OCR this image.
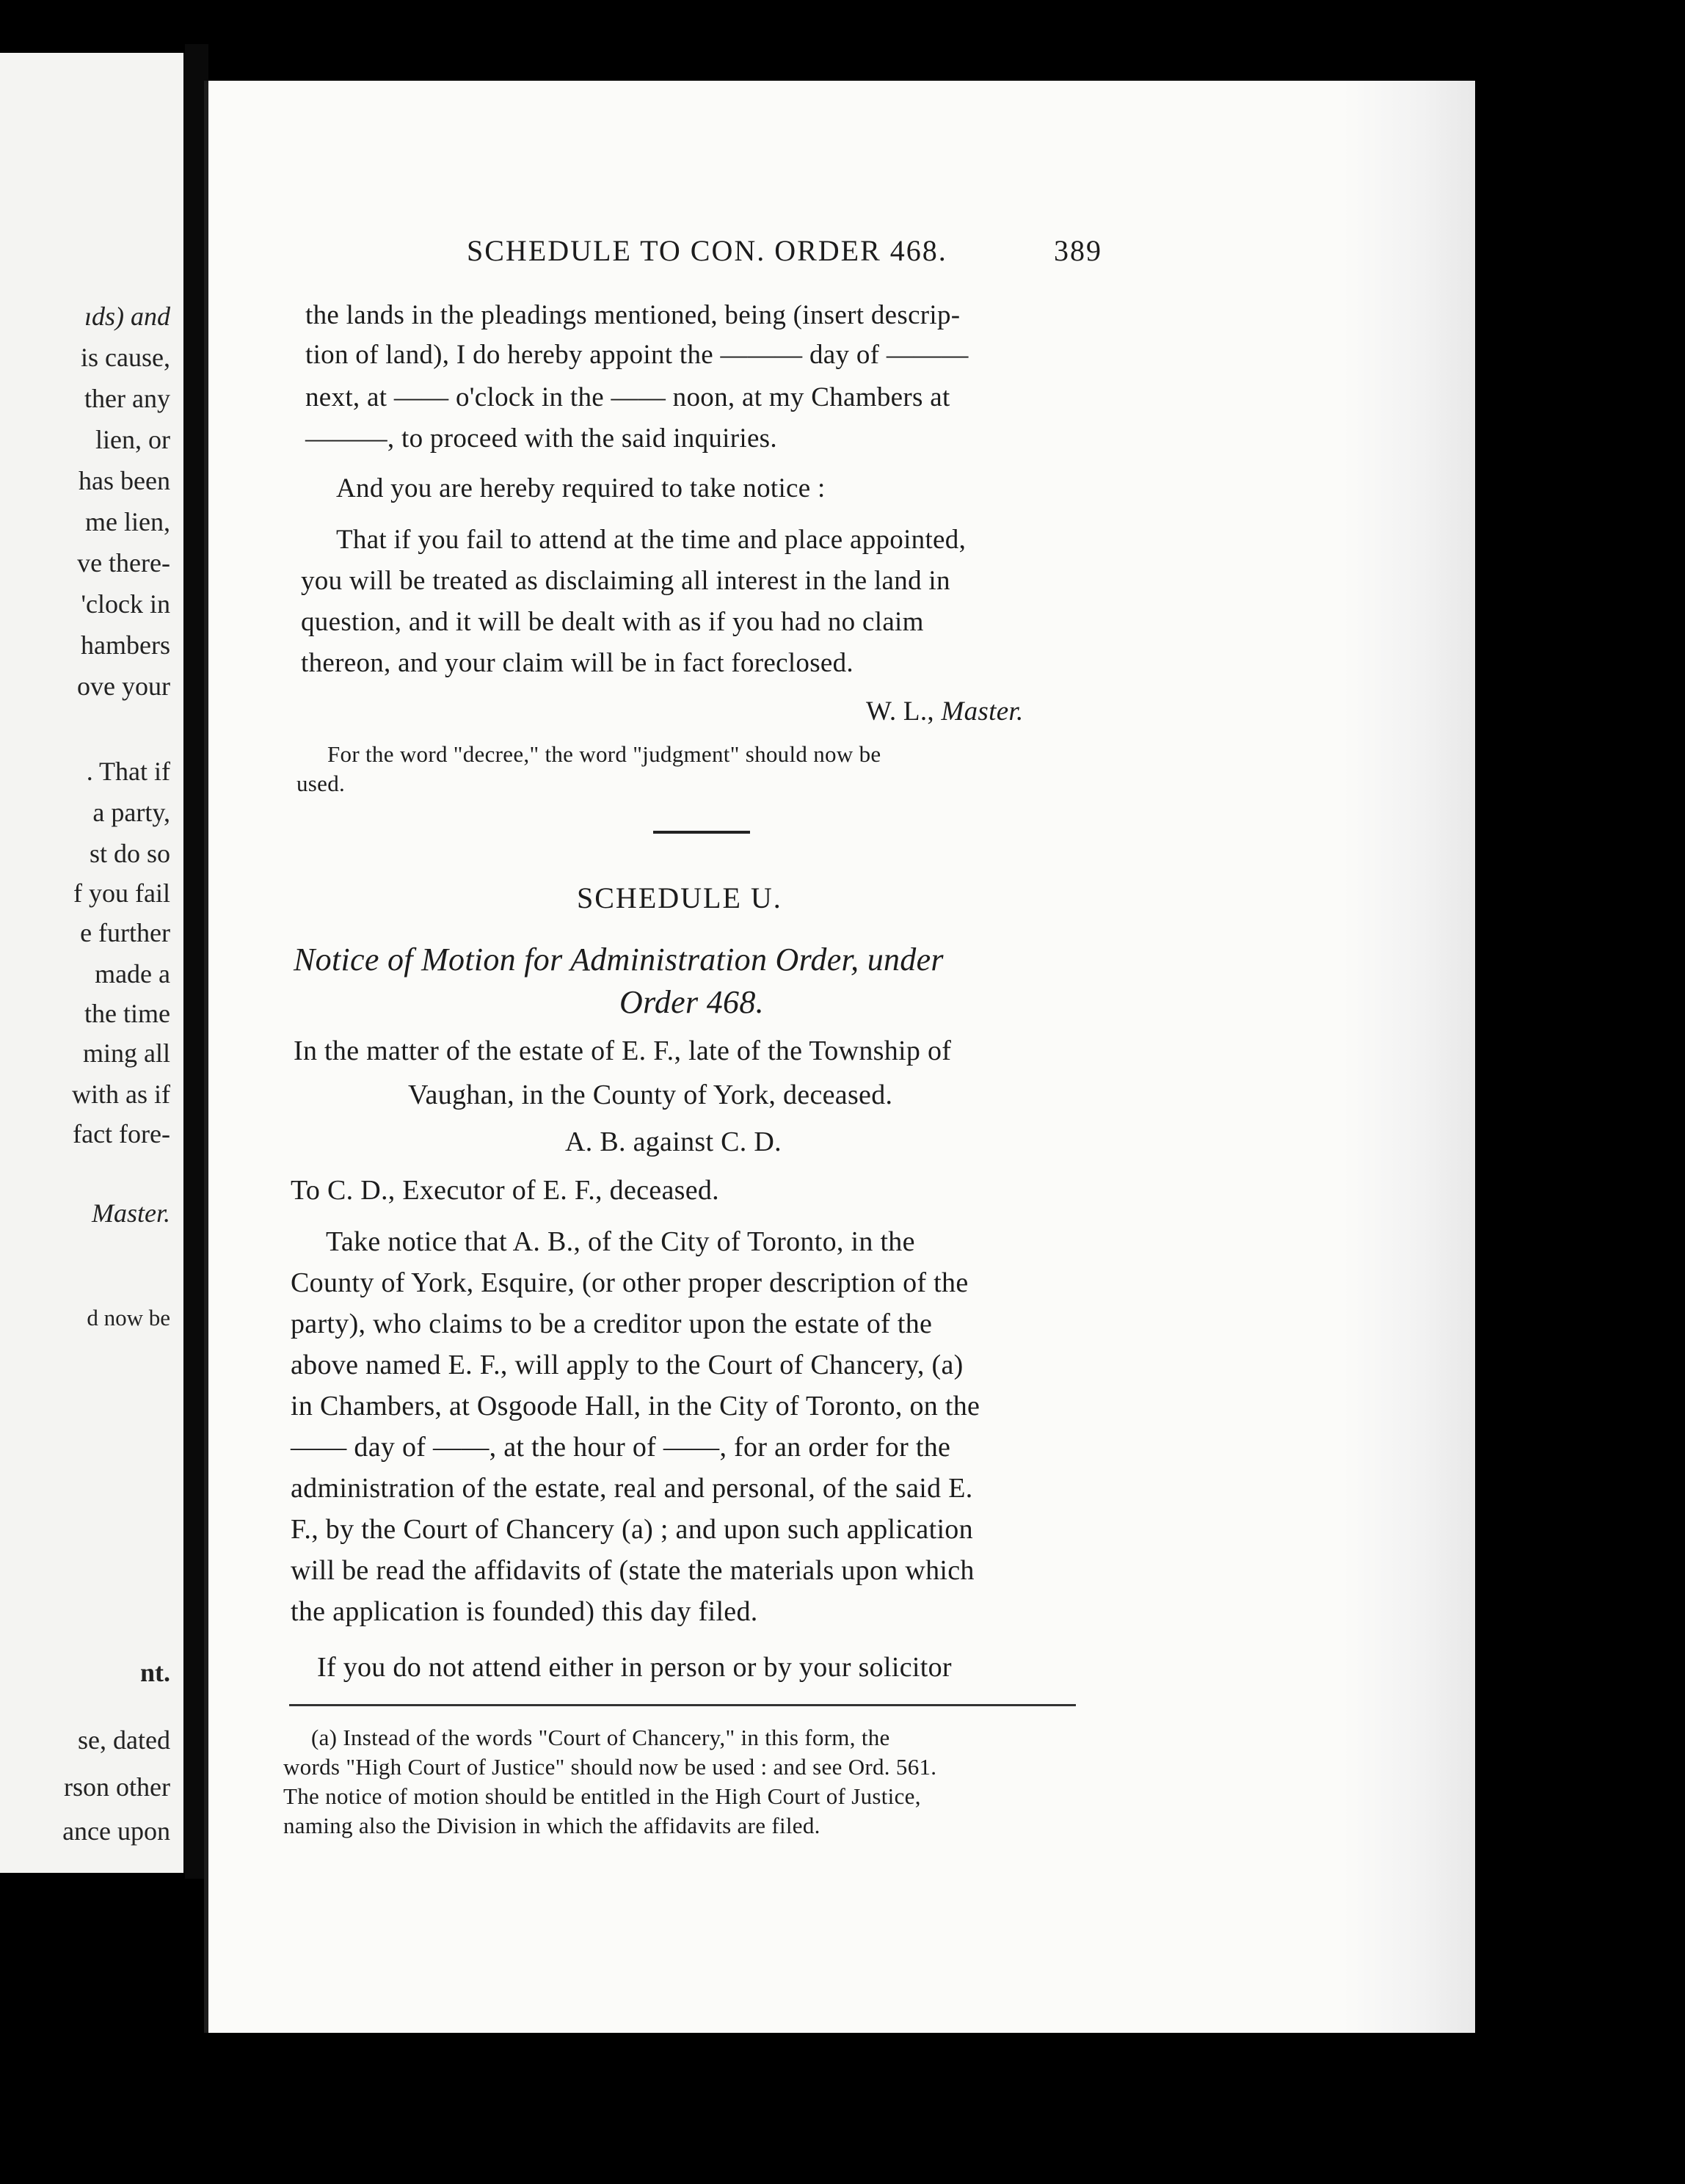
ıds) and
is cause,
ther any
lien, or
has been
me lien,
ve there-
'clock in
hambers
ove your
. That if
a party,
st do so
f you fail
e further
made a
the time
ming all
with as if
fact fore-
Master.
d now be
nt.
se, dated
rson other
ance upon
SCHEDULE TO CON. ORDER 468.	389
the lands in the pleadings mentioned, being (insert descrip-
tion of land), I do hereby appoint the ——— day of ———
next, at —— o'clock in the —— noon, at my Chambers at
———, to proceed with the said inquiries.
And you are hereby required to take notice :
That if you fail to attend at the time and place appointed,
you will be treated as disclaiming all interest in the land in
question, and it will be dealt with as if you had no claim
thereon, and your claim will be in fact foreclosed.
W. L., Master.
For the word "decree," the word "judgment" should now be
used.
SCHEDULE U.
Notice of Motion for Administration Order, under
Order 468.
In the matter of the estate of E. F., late of the Township of
Vaughan, in the County of York, deceased.
A. B. against C. D.
To C. D., Executor of E. F., deceased.
Take notice that A. B., of the City of Toronto, in the
County of York, Esquire, (or other proper description of the
party), who claims to be a creditor upon the estate of the
above named E. F., will apply to the Court of Chancery, (a)
in Chambers, at Osgoode Hall, in the City of Toronto, on the
—— day of ——, at the hour of ——, for an order for the
administration of the estate, real and personal, of the said E.
F., by the Court of Chancery (a) ; and upon such application
will be read the affidavits of (state the materials upon which
the application is founded) this day filed.
If you do not attend either in person or by your solicitor
(a) Instead of the words "Court of Chancery," in this form, the
words "High Court of Justice" should now be used : and see Ord. 561.
The notice of motion should be entitled in the High Court of Justice,
naming also the Division in which the affidavits are filed.
